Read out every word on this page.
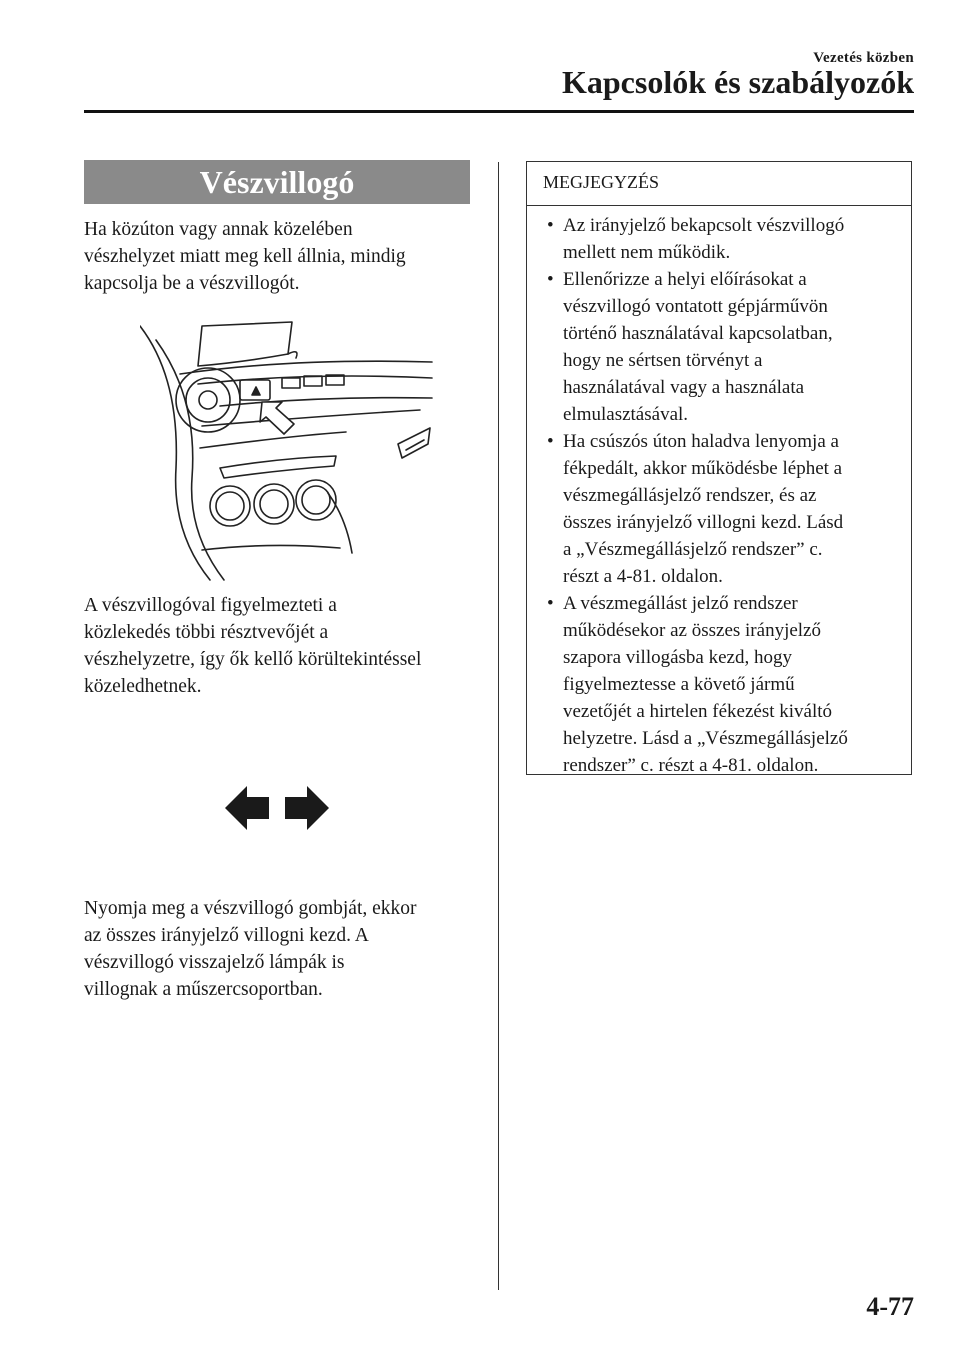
Vezetés közben
Kapcsolók és szabályozók
Vészvillogó
Ha közúton vagy annak közelében
vészhelyzet miatt meg kell állnia, mindig
kapcsolja be a vészvillogót.
A vészvillogóval figyelmezteti a
közlekedés többi résztvevőjét a
vészhelyzetre, így ők kellő körültekintéssel
közeledhetnek.
Nyomja meg a vészvillogó gombját, ekkor
az összes irányjelző villogni kezd. A
vészvillogó visszajelző lámpák is
villognak a műszercsoportban.
MEGJEGYZÉS
• Az irányjelző bekapcsolt vészvillogó
mellett nem működik.
• Ellenőrizze a helyi előírásokat a
vészvillogó vontatott gépjárművön
történő használatával kapcsolatban,
hogy ne sértsen törvényt a
használatával vagy a használata
elmulasztásával.
• Ha csúszós úton haladva lenyomja a
fékpedált, akkor működésbe léphet a
vészmegállásjelző rendszer, és az
összes irányjelző villogni kezd. Lásd
a „Vészmegállásjelző rendszer” c.
részt a 4-81. oldalon.
• A vészmegállást jelző rendszer
működésekor az összes irányjelző
szapora villogásba kezd, hogy
figyelmeztesse a követő jármű
vezetőjét a hirtelen fékezést kiváltó
helyzetre. Lásd a „Vészmegállásjelző
rendszer” c. részt a 4-81. oldalon.
4-77
